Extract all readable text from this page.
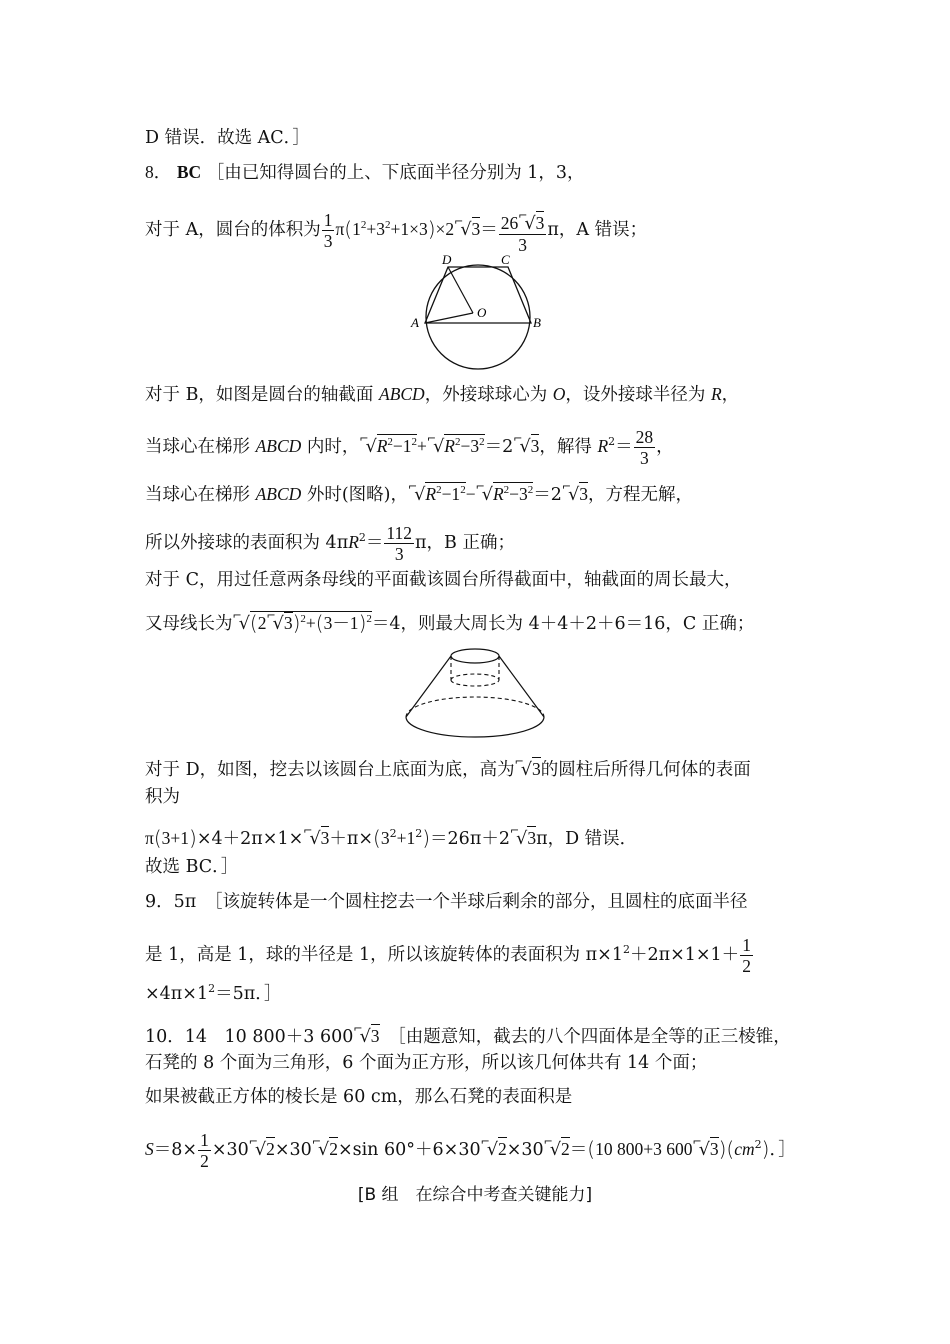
D 错误．故选 AC．］
8． BC ［由已知得圆台的上、下底面半径分别为 1，3，
对于 A，圆台的体积为 $\frac{1}{3}$ $\pi(1^2+3^2+1\times 3)\times 2⌐√3= \frac{26⌐√3}{3}$ π，A 错误；
D	C
O
A	B
对于 B，如图是圆台的轴截面 ABCD，外接球球心为 O，设外接球半径为 R，
当球心在梯形 ABCD 内时，$⌐√R^2-1^2+⌐√R^2-3^2=2⌐√3$，解得 $R^2= \frac{28}{3}$ ，
当球心在梯形 ABCD 外时(图略)，$⌐√R^2-1^2-⌐√R^2-3^2=2⌐√3$，方程无解，
所以外接球的表面积为 $4\pi R^2= \frac{112}{3}$ π，B 正确；
对于 C，用过任意两条母线的平面截该圆台所得截面中，轴截面的周长最大，
又母线长为$⌐√(2⌐√3)^2+(3-1)^2=4$，则最大周长为 4＋4＋2＋6＝16，C 正确；
对于 D，如图，挖去以该圆台上底面为底，高为⌐√3的圆柱后所得几何体的表面
积为
$\pi(3+1)\times 4+2\pi\times 1\times⌐√3+\pi\times(3^2+1^2)=26\pi+2⌐√3\pi$，D 错误．
故选 BC．］
9．5π　［该旋转体是一个圆柱挖去一个半球后剩余的部分，且圆柱的底面半径
是 1，高是 1，球的半径是 1，所以该旋转体的表面积为 $\pi\times 1^2+2\pi\times 1\times 1+ \frac{1}{2}$
$\times 4\pi\times 1^2=5\pi$．］
10．14　10 800＋3 600⌐√3　［由题意知，截去的八个四面体是全等的正三棱锥，
石凳的 8 个面为三角形，6 个面为正方形，所以该几何体共有 14 个面；
如果被截正方体的棱长是 60 cm，那么石凳的表面积是
$S=8\times \frac{1}{2}$ ×30⌐√2×30⌐√2×sin 60°＋6×30⌐√2×30⌐√2＝(10 800+3 $600⌐√3)(cm^2)$．］
[B 组　在综合中考查关键能力]
